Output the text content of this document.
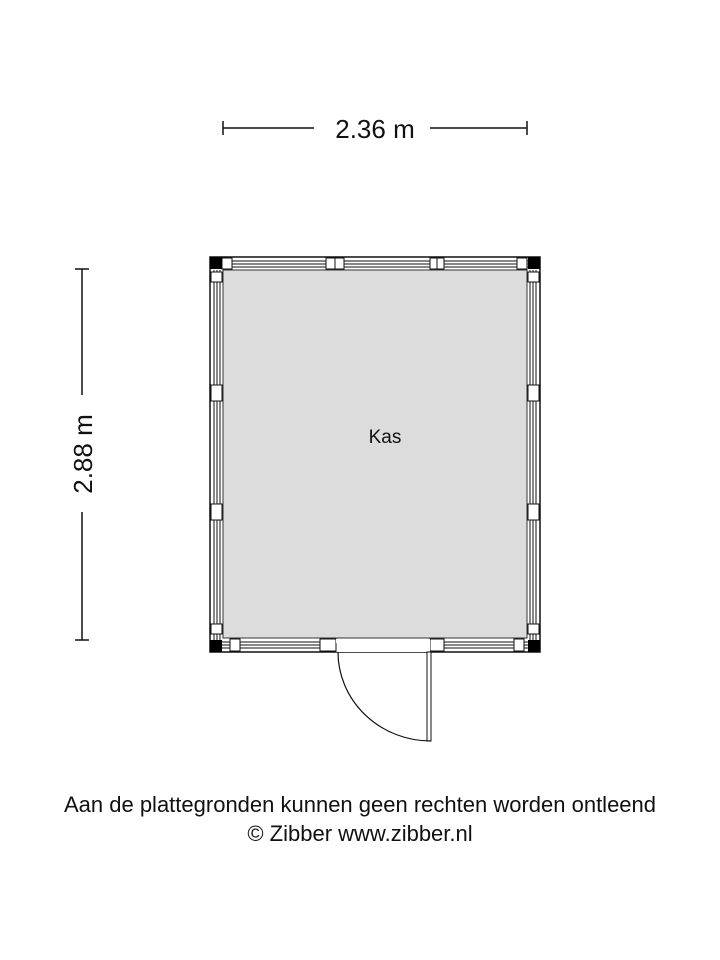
2.36 m
2.88 m	Kas
Aan de plattegronden kunnen geen rechten worden ontleend
© Zibber www.zibber.nl
